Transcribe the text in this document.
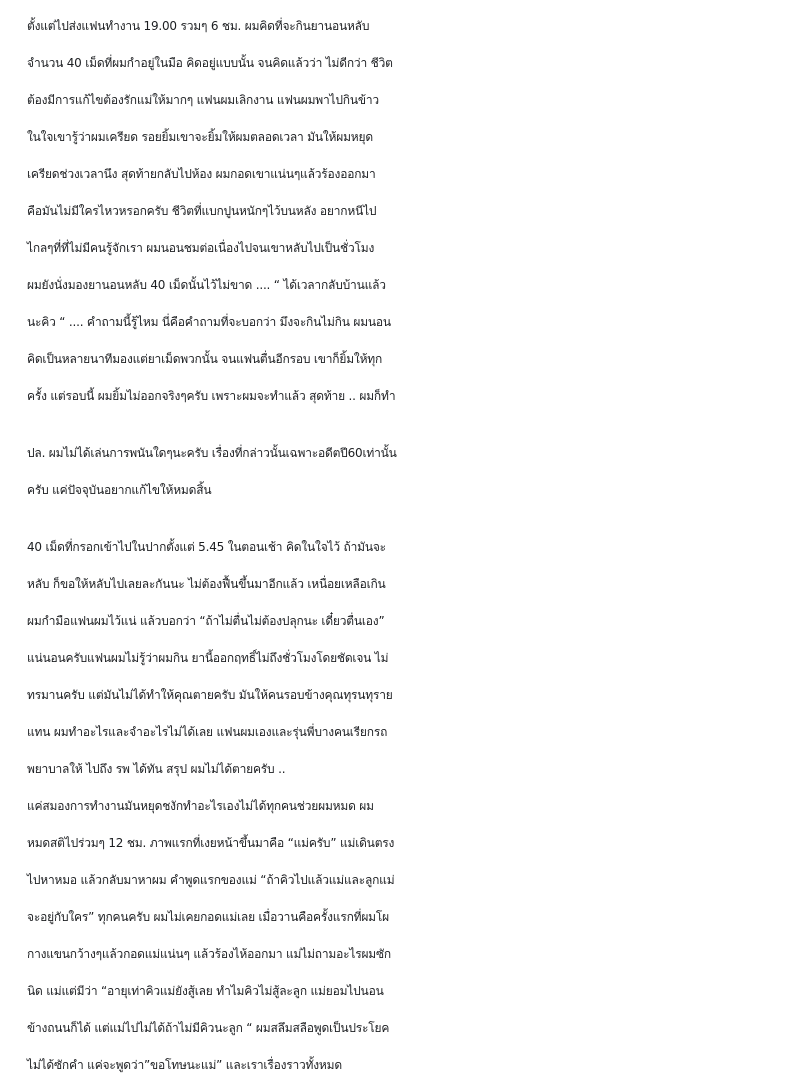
ตั้งแต่ไปส่งแฟนทำงาน 19.00 รวมๆ 6 ชม. ผมคิดที่จะกินยานอนหลับ
จำนวน 40 เม็ดที่ผมกำอยู่ในมือ คิดอยู่แบบนั้น จนคิดแล้วว่า ไม่ดีกว่า ชีวิต
ต้องมีการแก้ไขต้องรักแม่ให้มากๆ แฟนผมเลิกงาน แฟนผมพาไปกินข้าว
ในใจเขารู้ว่าผมเครียด รอยยิ้มเขาจะยิ้มให้ผมตลอดเวลา มันให้ผมหยุด
เครียดช่วงเวลานึง สุดท้ายกลับไปห้อง ผมกอดเขาแน่นๆแล้วร้องออกมา
คือมันไม่มีใครไหวหรอกครับ ชีวิตที่แบกปูนหนักๆไว้บนหลัง อยากหนีไป
ไกลๆที่ที่ไม่มีคนรู้จักเรา ผมนอนชมต่อเนื่องไปจนเขาหลับไปเป็นชั่วโมง
ผมยังนั่งมองยานอนหลับ 40 เม็ดนั้นไว้ไม่ขาด .... “ ได้เวลากลับบ้านแล้ว
นะคิว “ .... คำถามนี้รู้ไหม นี่คือคำถามที่จะบอกว่า มึงจะกินไม่กิน ผมนอน
คิดเป็นหลายนาทีมองแต่ยาเม็ดพวกนั้น จนแฟนตื่นอีกรอบ เขาก็ยิ้มให้ทุก
ครั้ง แต่รอบนี้ ผมยิ้มไม่ออกจริงๆครับ เพราะผมจะทำแล้ว สุดท้าย .. ผมก็ทำ
ปล. ผมไม่ได้เล่นการพนันใดๆนะครับ เรื่องที่กล่าวนั้นเฉพาะอดีตปี60เท่านั้น
ครับ แค่ปัจจุบันอยากแก้ไขให้หมดสิ้น
40 เม็ดที่กรอกเข้าไปในปากตั้งแต่ 5.45 ในตอนเช้า คิดในใจไว้ ถ้ามันจะ
หลับ ก็ขอให้หลับไปเลยละกันนะ ไม่ต้องฟื้นขึ้นมาอีกแล้ว เหนื่อยเหลือเกิน
ผมกำมือแฟนผมไว้แน่ แล้วบอกว่า “ถ้าไม่ตื่นไม่ต้องปลุกนะ เดี๋ยวตื่นเอง”
แน่นอนครับแฟนผมไม่รู้ว่าผมกิน ยานี้ออกฤทธิ์ไม่ถึงชั่วโมงโดยชัดเจน ไม่
ทรมานครับ แต่มันไม่ได้ทำให้คุณตายครับ มันให้คนรอบข้างคุณทุรนทุราย
แทน ผมทำอะไรและจำอะไรไม่ได้เลย แฟนผมเองและรุ่นพี่บางคนเรียกรถ
พยาบาลให้ ไปถึง รพ ได้ทัน สรุป ผมไม่ได้ตายครับ ..
แค่สมองการทำงานมันหยุดชงักทำอะไรเองไม่ได้ทุกคนช่วยผมหมด ผม
หมดสติไปร่วมๆ 12 ชม. ภาพแรกที่เงยหน้าขึ้นมาคือ “แม่ครับ” แม่เดินตรง
ไปหาหมอ แล้วกลับมาหาผม คำพูดแรกของแม่ “ถ้าคิวไปแล้วแม่และลูกแม่
จะอยู่กับใคร” ทุกคนครับ ผมไม่เคยกอดแม่เลย เมื่อวานคือครั้งแรกที่ผมโผ
กางแขนกว้างๆแล้วกอดแม่แน่นๆ แล้วร้องไห้ออกมา แม่ไม่ถามอะไรผมซัก
นิด แม่แต่มีว่า “อายุเท่าคิวแม่ยังสู้เลย ทำไมคิวไม่สู้ละลูก แม่ยอมไปนอน
ข้างถนนก็ได้ แต่แม่ไปไม่ได้ถ้าไม่มีคิวนะลูก “ ผมสลึมสลือพูดเป็นประโยค
ไม่ได้ซักคำ แค่จะพูดว่า”ขอโทษนะแม่” และเราเรื่องราวทั้งหมด
